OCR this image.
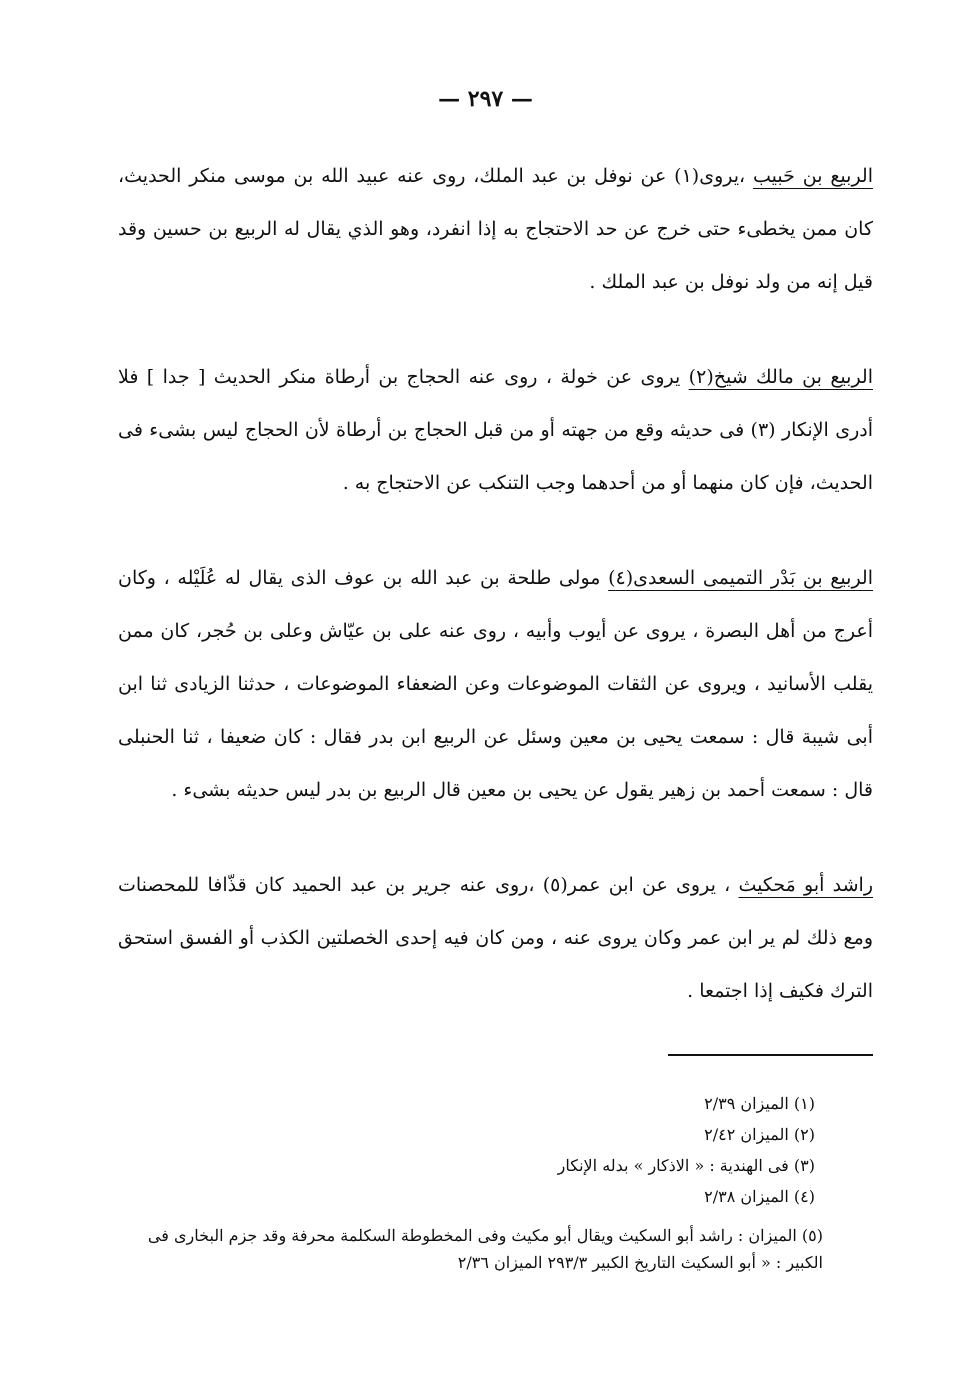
— ٢٩٧ —

الربيع بن حَبيب ،يروى(١) عن نوفل بن عبد الملك، روى عنه عبيد الله بن موسى منكر الحديث، كان ممن يخطىء حتى خرج عن حد الاحتجاج به إذا انفرد، وهو الذي يقال له الربيع بن حسين وقد قيل إنه من ولد نوفل بن عبد الملك .

الربيع بن مالك شيخ(٢) يروى عن خولة ، روى عنه الحجاج بن أرطاة منكر الحديث [ جدا ] فلا أدرى الإنكار (٣) فى حديثه وقع من جهته أو من قبل الحجاج بن أرطاة لأن الحجاج ليس بشىء فى الحديث، فإن كان منهما أو من أحدهما وجب التنكب عن الاحتجاج به .

الربيع بن بَدْر التميمى السعدى(٤) مولى طلحة بن عبد الله بن عوف الذى يقال له عُلَيْله ، وكان أعرج من أهل البصرة ، يروى عن أيوب وأبيه ، روى عنه على بن عيّاش وعلى بن حُجر، كان ممن يقلب الأسانيد ، ويروى عن الثقات الموضوعات وعن الضعفاء الموضوعات ، حدثنا الزيادى ثنا ابن أبى شيبة قال : سمعت يحيى بن معين وسئل عن الربيع ابن بدر فقال : كان ضعيفا ، ثنا الحنبلى قال : سمعت أحمد بن زهير يقول عن يحيى بن معين قال الربيع بن بدر ليس حديثه بشىء .

راشد أبو مَحكيث ، يروى عن ابن عمر(٥) ،روى عنه جرير بن عبد الحميد كان قذّافا للمحصنات ومع ذلك لم ير ابن عمر وكان يروى عنه ، ومن كان فيه إحدى الخصلتين الكذب أو الفسق استحق الترك فكيف إذا اجتمعا .

(١) الميزان ٢/٣٩
(٢) الميزان ٢/٤٢
(٣) فى الهندية : « الاذكار » بدله الإنكار
(٤) الميزان ٢/٣٨
(٥) الميزان : راشد أبو السكيث ويقال أبو مكيث وفى المخطوطة السكلمة محرفة وقد جزم البخارى فى الكبير : « أبو السكيث التاريخ الكبير ٢٩٣/٣ الميزان ٢/٣٦
